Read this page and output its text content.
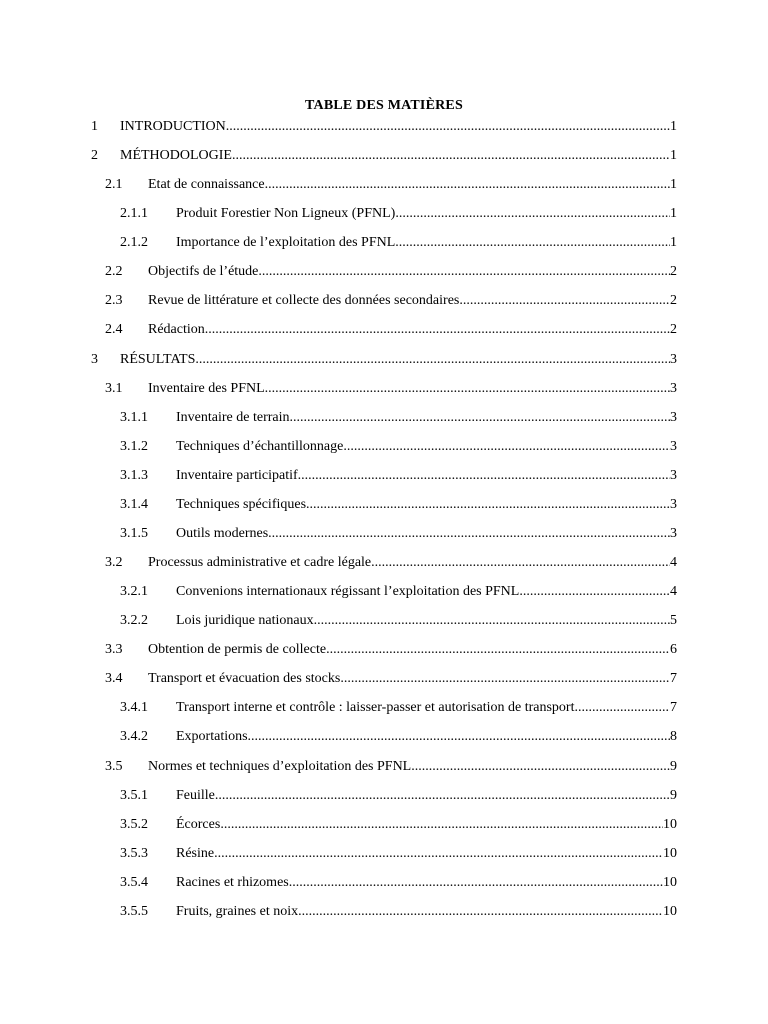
TABLE DES MATIÈRES
1	INTRODUCTION .....	1
2	MÉTHODOLOGIE .....	1
2.1	Etat de connaissance .....	1
2.1.1	Produit Forestier Non Ligneux (PFNL) .....	1
2.1.2	Importance de l’exploitation des PFNL .....	1
2.2	Objectifs de l’étude .....	2
2.3	Revue de littérature et collecte des données secondaires .....	2
2.4	Rédaction .....	2
3	RÉSULTATS .....	3
3.1	Inventaire des PFNL .....	3
3.1.1	Inventaire de terrain .....	3
3.1.2	Techniques d’échantillonnage .....	3
3.1.3	Inventaire participatif .....	3
3.1.4	Techniques spécifiques .....	3
3.1.5	Outils modernes .....	3
3.2	Processus administrative et cadre légale .....	4
3.2.1	Convenions internationaux régissant l’exploitation des PFNL .....	4
3.2.2	Lois juridique nationaux .....	5
3.3	Obtention de permis de collecte .....	6
3.4	Transport et évacuation des stocks .....	7
3.4.1	Transport interne et contrôle : laisser-passer et autorisation de transport .....	7
3.4.2	Exportations .....	8
3.5	Normes et techniques d’exploitation des PFNL .....	9
3.5.1	Feuille .....	9
3.5.2	Écorces .....	10
3.5.3	Résine .....	10
3.5.4	Racines et rhizomes .....	10
3.5.5	Fruits, graines et noix .....	10
